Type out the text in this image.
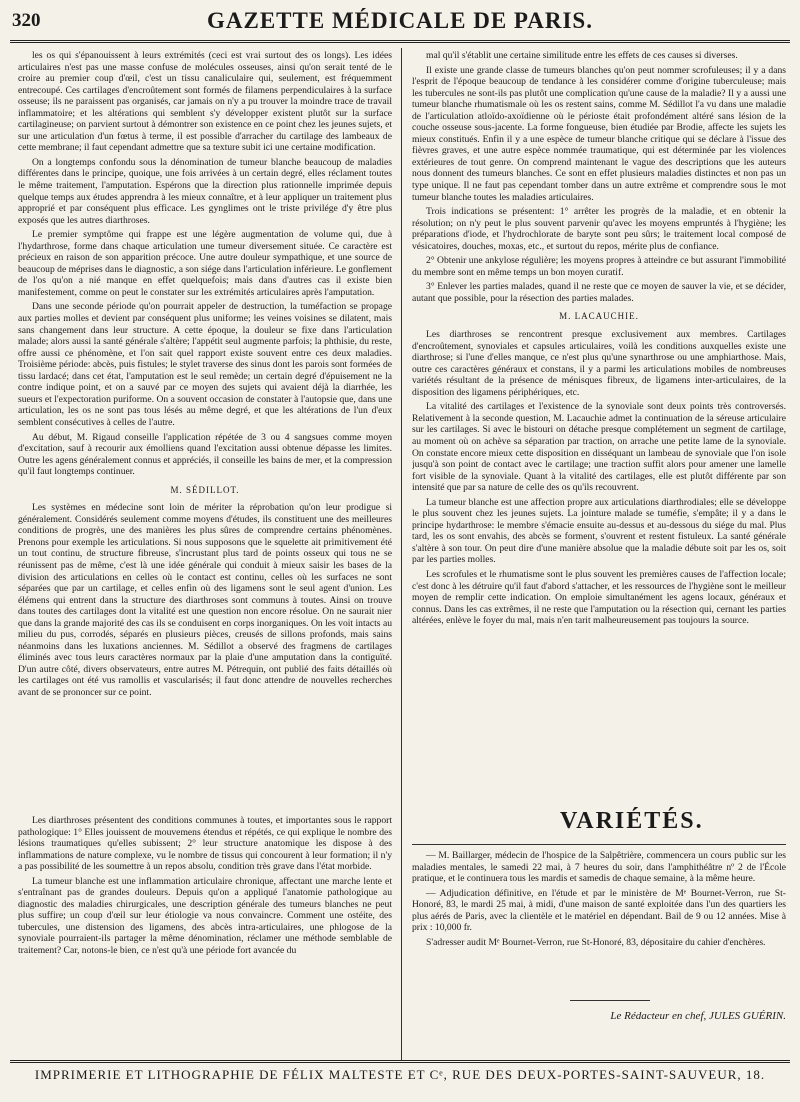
320	GAZETTE MÉDICALE DE PARIS.

les os qui s'épanouissent à leurs extrémités (ceci est vrai surtout des os longs). Les idées articulaires n'est pas une masse confuse de molécules osseuses, ainsi qu'on serait tenté de le croire au premier coup d'œil, c'est un tissu canaliculaire qui, seulement, est fréquemment entrecoupé. Ces cartilages d'encroûtement sont formés de filamens perpendiculaires à la surface osseuse; ils ne paraissent pas organisés, car jamais on n'y a pu trouver la moindre trace de travail inflammatoire; et les altérations qui semblent s'y développer existent plutôt sur la surface cartilagineuse; on parvient surtout à démontrer son existence en ce point chez les jeunes sujets, et sur une articulation d'un fœtus à terme, il est possible d'arracher du cartilage des lambeaux de cette membrane; il faut cependant admettre que sa texture subit ici une certaine modification.

On a longtemps confondu sous la dénomination de tumeur blanche beaucoup de maladies différentes dans le principe, quoique, une fois arrivées à un certain degré, elles réclament toutes le même traitement, l'amputation. Espérons que la direction plus rationnelle imprimée depuis quelque temps aux études apprendra à les mieux connaître, et à leur appliquer un traitement plus approprié et par conséquent plus efficace. Les gynglimes ont le triste privilége d'y être plus exposés que les autres diarthroses.

Le premier symptôme qui frappe est une légère augmentation de volume qui, due à l'hydarthrose, forme dans chaque articulation une tumeur diversement située. Ce caractère est précieux en raison de son apparition précoce. Une autre douleur sympathique, et une source de beaucoup de méprises dans le diagnostic, a son siége dans l'articulation inférieure. Le gonflement de l'os qu'on a nié manque en effet quelquefois; mais dans d'autres cas il existe bien manifestement, comme on peut le constater sur les extrémités articulaires après l'amputation.

Dans une seconde période qu'on pourrait appeler de destruction, la tuméfaction se propage aux parties molles et devient par conséquent plus uniforme; les veines voisines se dilatent, mais sans changement dans leur structure. A cette époque, la douleur se fixe dans l'articulation malade; alors aussi la santé générale s'altère; l'appétit seul augmente parfois; la phthisie, du reste, offre aussi ce phénomène, et l'on sait quel rapport existe souvent entre ces deux maladies. Troisième période: abcès, puis fistules; le stylet traverse des sinus dont les parois sont formées de tissu lardacé; dans cet état, l'amputation est le seul remède; un certain degré d'épuisement ne la contre indique point, et on a sauvé par ce moyen des sujets qui avaient déjà la diarrhée, les sueurs et l'expectoration puriforme. On a souvent occasion de constater à l'autopsie que, dans une articulation, les os ne sont pas tous lésés au même degré, et que les altérations de l'un d'eux semblent consécutives à celles de l'autre.

Au début, M. Rigaud conseille l'application répétée de 3 ou 4 sangsues comme moyen d'excitation, sauf à recourir aux émolliens quand l'excitation aussi obtenue dépasse les limites. Outre les agens généralement connus et appréciés, il conseille les bains de mer, et la compression qu'il faut longtemps continuer.

M. SÉDILLOT.

Les systèmes en médecine sont loin de mériter la réprobation qu'on leur prodigue si généralement. Considérés seulement comme moyens d'études, ils constituent une des meilleures conditions de progrès, une des manières les plus sûres de comprendre certains phénomènes. Prenons pour exemple les articulations. Si nous supposons que le squelette ait primitivement été un tout continu, de structure fibreuse, s'incrustant plus tard de points osseux qui tous ne se réunissent pas de même, c'est là une idée générale qui conduit à mieux saisir les bases de la division des articulations en celles où le contact est continu, celles où les surfaces ne sont séparées que par un cartilage, et celles enfin où des ligamens sont le seul agent d'union. Les élémens qui entrent dans la structure des diarthroses sont communs à toutes. Ainsi on trouve dans toutes des cartilages dont la vitalité est une question non encore résolue. On ne saurait nier que dans la grande majorité des cas ils se conduisent en corps inorganiques. On les voit intacts au milieu du pus, corrodés, séparés en plusieurs pièces, creusés de sillons profonds, mais sains néanmoins dans les luxations anciennes. M. Sédillot a observé des fragmens de cartilages éliminés avec tous leurs caractères normaux par la plaie d'une amputation dans la contiguïté. D'un autre côté, divers observateurs, entre autres M. Pétrequin, ont publié des faits détaillés où les cartilages ont été vus ramollis et vascularisés; il faut donc attendre de nouvelles recherches avant de se prononcer sur ce point.

Les diarthroses présentent des conditions communes à toutes, et importantes sous le rapport pathologique: 1° Elles jouissent de mouvemens étendus et répétés, ce qui explique le nombre des lésions traumatiques qu'elles subissent; 2° leur structure anatomique les dispose à des inflammations de nature complexe, vu le nombre de tissus qui concourent à leur formation; il n'y a pas possibilité de les soumettre à un repos absolu, condition très grave dans l'état morbide.

La tumeur blanche est une inflammation articulaire chronique, affectant une marche lente et s'entraînant pas de grandes douleurs. Depuis qu'on a appliqué l'anatomie pathologique au diagnostic des maladies chirurgicales, une description générale des tumeurs blanches ne peut plus suffire; un coup d'œil sur leur étiologie va nous convaincre. Comment une ostéite, des tubercules, une distension des ligamens, des abcès intra-articulaires, une phlogose de la synoviale pourraient-ils partager la même dénomination, réclamer une méthode semblable de traitement? Car, notons-le bien, ce n'est qu'à une période fort avancée du

mal qu'il s'établit une certaine similitude entre les effets de ces causes si diverses.

Il existe une grande classe de tumeurs blanches qu'on peut nommer scrofuleuses; il y a dans l'esprit de l'époque beaucoup de tendance à les considérer comme d'origine tuberculeuse; mais les tubercules ne sont-ils pas plutôt une complication qu'une cause de la maladie? Il y a aussi une tumeur blanche rhumatismale où les os restent sains, comme M. Sédillot l'a vu dans une maladie de l'articulation atloïdo-axoïdienne où le périoste était profondément altéré sans lésion de la couche osseuse sous-jacente. La forme fongueuse, bien étudiée par Brodie, affecte les sujets les mieux constitués. Enfin il y a une espèce de tumeur blanche critique qui se déclare à l'issue des fièvres graves, et une autre espèce nommée traumatique, qui est déterminée par les violences extérieures de tout genre. On comprend maintenant le vague des descriptions que les auteurs nous donnent des tumeurs blanches. Ce sont en effet plusieurs maladies distinctes et non pas un type unique. Il ne faut pas cependant tomber dans un autre extrême et comprendre sous le mot tumeur blanche toutes les maladies articulaires.

Trois indications se présentent: 1° arrêter les progrès de la maladie, et en obtenir la résolution; on n'y peut le plus souvent parvenir qu'avec les moyens empruntés à l'hygiène; les préparations d'iode, et l'hydrochlorate de baryte sont peu sûrs; le traitement local composé de vésicatoires, douches, moxas, etc., et surtout du repos, mérite plus de confiance.

2° Obtenir une ankylose régulière; les moyens propres à atteindre ce but assurant l'immobilité du membre sont en même temps un bon moyen curatif.

3° Enlever les parties malades, quand il ne reste que ce moyen de sauver la vie, et se décider, autant que possible, pour la résection des parties malades.

M. LACAUCHIE.

Les diarthroses se rencontrent presque exclusivement aux membres. Cartilages d'encroûtement, synoviales et capsules articulaires, voilà les conditions auxquelles existe une diarthrose; si l'une d'elles manque, ce n'est plus qu'une synarthrose ou une amphiarthose. Mais, outre ces caractères généraux et constans, il y a parmi les articulations mobiles de nombreuses variétés résultant de la présence de ménisques fibreux, de ligamens inter-articulaires, de la disposition des ligamens périphériques, etc.

La vitalité des cartilages et l'existence de la synoviale sont deux points très controversés. Relativement à la seconde question, M. Lacauchie admet la continuation de la séreuse articulaire sur les cartilages. Si avec le bistouri on détache presque complétement un segment de cartilage, au moment où on achève sa séparation par traction, on arrache une petite lame de la synoviale. On constate encore mieux cette disposition en disséquant un lambeau de synoviale que l'on isole jusqu'à son point de contact avec le cartilage; une traction suffit alors pour amener une lamelle fort visible de la synoviale. Quant à la vitalité des cartilages, elle est plutôt différente par son intensité que par sa nature de celle des os qu'ils recouvrent.

La tumeur blanche est une affection propre aux articulations diarthrodiales; elle se développe le plus souvent chez les jeunes sujets. La jointure malade se tuméfie, s'empâte; il y a dans le principe hydarthrose: le membre s'émacie ensuite au-dessus et au-dessous du siége du mal. Plus tard, les os sont envahis, des abcès se forment, s'ouvrent et restent fistuleux. La santé générale s'altère à son tour. On peut dire d'une manière absolue que la maladie débute soit par les os, soit par les parties molles.

Les scrofules et le rhumatisme sont le plus souvent les premières causes de l'affection locale; c'est donc à les détruire qu'il faut d'abord s'attacher, et les ressources de l'hygiène sont le meilleur moyen de remplir cette indication. On emploie simultanément les agens locaux, généraux et connus. Dans les cas extrêmes, il ne reste que l'amputation ou la résection qui, cernant les parties altérées, enlève le foyer du mal, mais n'en tarit malheureusement pas toujours la source.

VARIÉTÉS.

— M. Baillarger, médecin de l'hospice de la Salpêtrière, commencera un cours public sur les maladies mentales, le samedi 22 mai, à 7 heures du soir, dans l'amphithéâtre nº 2 de l'École pratique, et le continuera tous les mardis et samedis de chaque semaine, à la même heure.

— Adjudication définitive, en l'étude et par le ministère de Mᵉ Bournet-Verron, rue St-Honoré, 83, le mardi 25 mai, à midi, d'une maison de santé exploitée dans l'un des quartiers les plus aérés de Paris, avec la clientèle et le matériel en dépendant. Bail de 9 ou 12 années. Mise à prix : 10,000 fr.

S'adresser audit Mᵉ Bournet-Verron, rue St-Honoré, 83, dépositaire du cahier d'enchères.

Le Rédacteur en chef, JULES GUÉRIN.
IMPRIMERIE ET LITHOGRAPHIE DE FÉLIX MALTESTE ET Cᵉ, RUE DES DEUX-PORTES-SAINT-SAUVEUR, 18.
